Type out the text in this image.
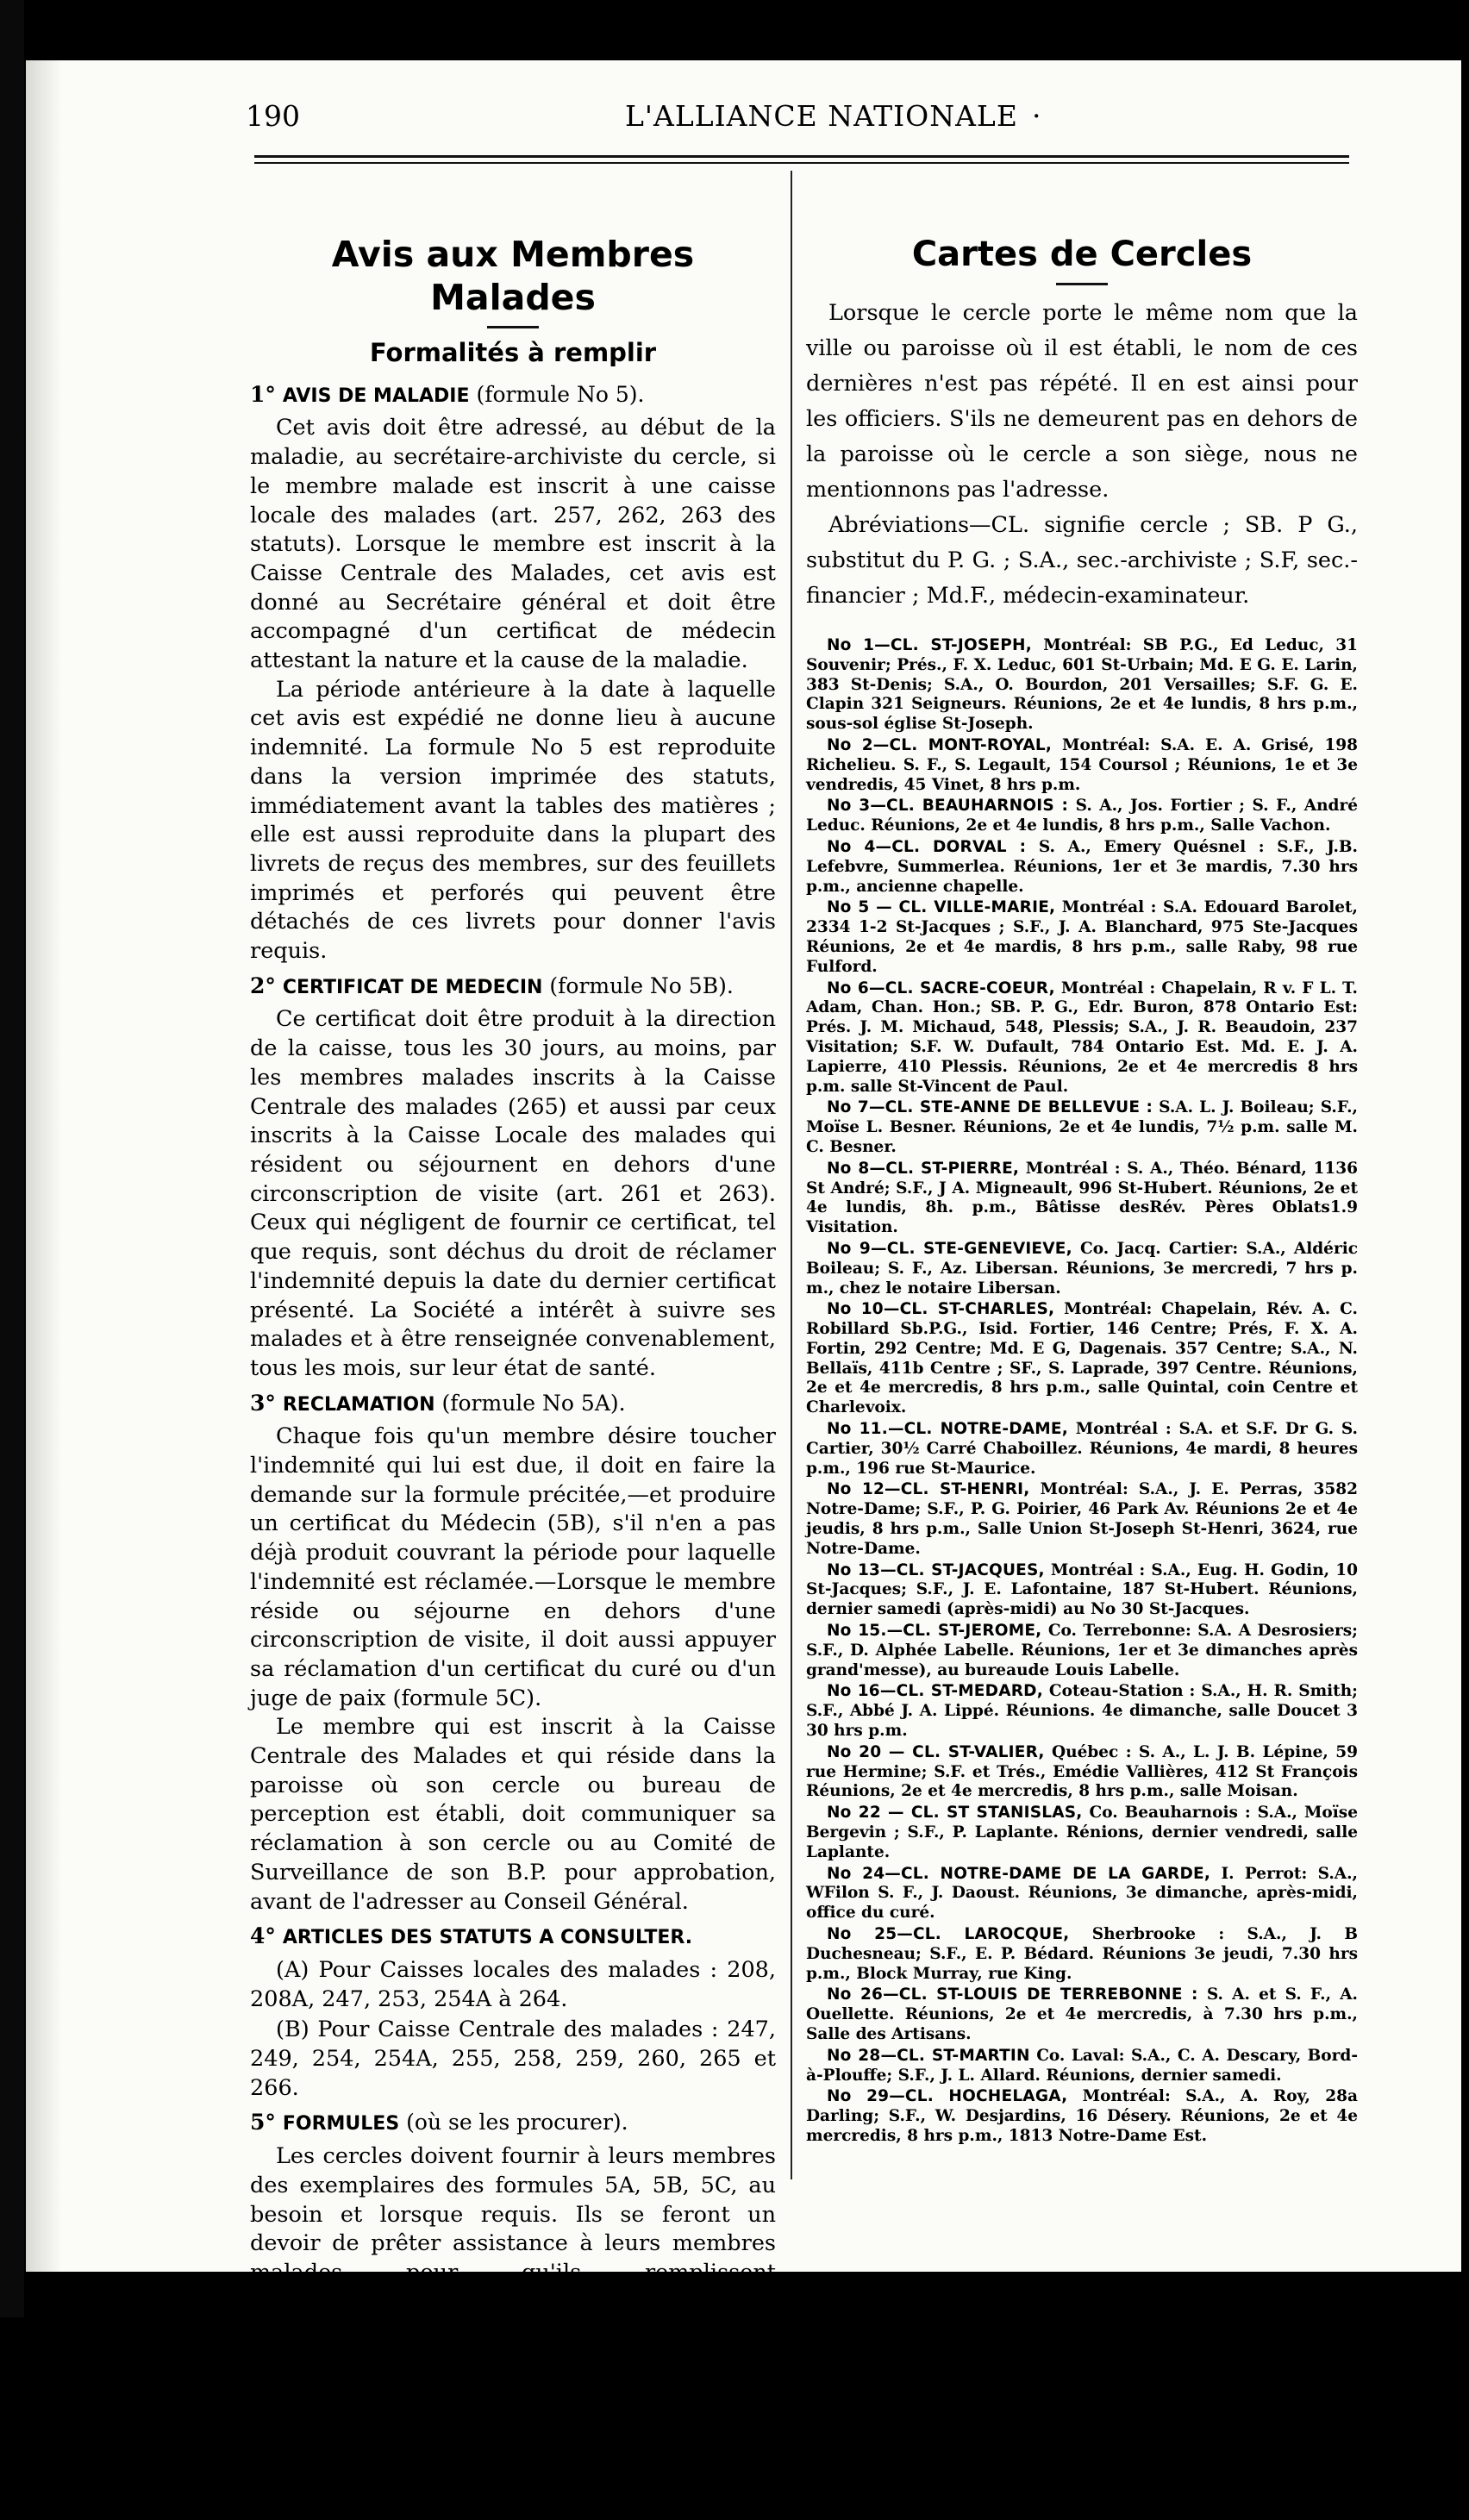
190	L'ALLIANCE NATIONALE ·
Avis aux Membres Malades
Formalités à remplir
1° AVIS DE MALADIE (formule No 5).

Cet avis doit être adressé, au début de la maladie, au secrétaire-archiviste du cercle, si le membre malade est inscrit à une caisse locale des malades (art. 257, 262, 263 des statuts). Lorsque le membre est inscrit à la Caisse Centrale des Malades, cet avis est donné au Secrétaire général et doit être accompagné d'un certificat de médecin attestant la nature et la cause de la maladie.

La période antérieure à la date à laquelle cet avis est expédié ne donne lieu à aucune indemnité. La formule No 5 est reproduite dans la version imprimée des statuts, immédiatement avant la tables des matières ; elle est aussi reproduite dans la plupart des livrets de reçus des membres, sur des feuillets imprimés et perforés qui peuvent être détachés de ces livrets pour donner l'avis requis.

2° CERTIFICAT DE MEDECIN (formule No 5B).

Ce certificat doit être produit à la direction de la caisse, tous les 30 jours, au moins, par les membres malades inscrits à la Caisse Centrale des malades (265) et aussi par ceux inscrits à la Caisse Locale des malades qui résident ou séjournent en dehors d'une circonscription de visite (art. 261 et 263). Ceux qui négligent de fournir ce certificat, tel que requis, sont déchus du droit de réclamer l'indemnité depuis la date du dernier certificat présenté. La Société a intérêt à suivre ses malades et à être renseignée convenablement, tous les mois, sur leur état de santé.

3° RECLAMATION (formule No 5A).

Chaque fois qu'un membre désire toucher l'indemnité qui lui est due, il doit en faire la demande sur la formule précitée,—et produire un certificat du Médecin (5B), s'il n'en a pas déjà produit couvrant la période pour laquelle l'indemnité est réclamée.—Lorsque le membre réside ou séjourne en dehors d'une circonscription de visite, il doit aussi appuyer sa réclamation d'un certificat du curé ou d'un juge de paix (formule 5C).

Le membre qui est inscrit à la Caisse Centrale des Malades et qui réside dans la paroisse où son cercle ou bureau de perception est établi, doit communiquer sa réclamation à son cercle ou au Comité de Surveillance de son B.P. pour approbation, avant de l'adresser au Conseil Général.

4° ARTICLES DES STATUTS A CONSULTER.

(A) Pour Caisses locales des malades : 208, 208A, 247, 253, 254A à 264.

(B) Pour Caisse Centrale des malades : 247, 249, 254, 254A, 255, 258, 259, 260, 265 et 266.

5° FORMULES (où se les procurer).

Les cercles doivent fournir à leurs membres des exemplaires des formules 5A, 5B, 5C, au besoin et lorsque requis. Ils se feront un devoir de prêter assistance à leurs membres malades pour qu'ils remplissent convenablement les formalités nécessaires.

Les membres des bureaux de perception doivent s'adresser au Secrétaire général. Toutefois, les percepteurs de ces bureaux doivent toujours avoir en mains des exemplaires de toutes les formules dont les membres de ces bureaux peuvent avoir besoin.

Cartes de Cercles

Lorsque le cercle porte le même nom que la ville ou paroisse où il est établi, le nom de ces dernières n'est pas répété. Il en est ainsi pour les officiers. S'ils ne demeurent pas en dehors de la paroisse où le cercle a son siège, nous ne mentionnons pas l'adresse.

Abréviations—CL. signifie cercle ; SB. P G., substitut du P. G. ; S.A., sec.-archiviste ; S.F, sec.-financier ; Md.F., médecin-examinateur.

No 1—CL. ST-JOSEPH, Montréal: SB P.G., Ed Leduc, 31 Souvenir; Prés., F. X. Leduc, 601 St-Urbain; Md. E G. E. Larin, 383 St-Denis; S.A., O. Bourdon, 201 Versailles; S.F. G. E. Clapin 321 Seigneurs. Réunions, 2e et 4e lundis, 8 hrs p.m., sous-sol église St-Joseph.

No 2—CL. MONT-ROYAL, Montréal: S.A. E. A. Grisé, 198 Richelieu. S. F., S. Legault, 154 Coursol ; Réunions, 1e et 3e vendredis, 45 Vinet, 8 hrs p.m.

No 3—CL. BEAUHARNOIS : S. A., Jos. Fortier ; S. F., André Leduc. Réunions, 2e et 4e lundis, 8 hrs p.m., Salle Vachon.

No 4—CL. DORVAL : S. A., Emery Quésnel : S.F., J.B. Lefebvre, Summerlea. Réunions, 1er et 3e mardis, 7.30 hrs p.m., ancienne chapelle.

No 5 — CL. VILLE-MARIE, Montréal : S.A. Edouard Barolet, 2334 1-2 St-Jacques ; S.F., J. A. Blanchard, 975 Ste-Jacques Réunions, 2e et 4e mardis, 8 hrs p.m., salle Raby, 98 rue Fulford.

No 6—CL. SACRE-COEUR, Montréal : Chapelain, R v. F L. T. Adam, Chan. Hon.; SB. P. G., Edr. Buron, 878 Ontario Est: Prés. J. M. Michaud, 548, Plessis; S.A., J. R. Beaudoin, 237 Visitation; S.F. W. Dufault, 784 Ontario Est. Md. E. J. A. Lapierre, 410 Plessis. Réunions, 2e et 4e mercredis 8 hrs p.m. salle St-Vincent de Paul.

No 7—CL. STE-ANNE DE BELLEVUE : S.A. L. J. Boileau; S.F., Moïse L. Besner. Réunions, 2e et 4e lundis, 7½ p.m. salle M. C. Besner.

No 8—CL. ST-PIERRE, Montréal : S. A., Théo. Bénard, 1136 St André; S.F., J A. Migneault, 996 St-Hubert. Réunions, 2e et 4e lundis, 8h. p.m., Bâtisse desRév. Pères Oblats1.9 Visitation.

No 9—CL. STE-GENEVIEVE, Co. Jacq. Cartier: S.A., Aldéric Boileau; S. F., Az. Libersan. Réunions, 3e mercredi, 7 hrs p. m., chez le notaire Libersan.

No 10—CL. ST-CHARLES, Montréal: Chapelain, Rév. A. C. Robillard Sb.P.G., Isid. Fortier, 146 Centre; Prés, F. X. A. Fortin, 292 Centre; Md. E G, Dagenais. 357 Centre; S.A., N. Bellaïs, 411b Centre ; SF., S. Laprade, 397 Centre. Réunions, 2e et 4e mercredis, 8 hrs p.m., salle Quintal, coin Centre et Charlevoix.

No 11.—CL. NOTRE-DAME, Montréal : S.A. et S.F. Dr G. S. Cartier, 30½ Carré Chaboillez. Réunions, 4e mardi, 8 heures p.m., 196 rue St-Maurice.

No 12—CL. ST-HENRI, Montréal: S.A., J. E. Perras, 3582 Notre-Dame; S.F., P. G. Poirier, 46 Park Av. Réunions 2e et 4e jeudis, 8 hrs p.m., Salle Union St-Joseph St-Henri, 3624, rue Notre-Dame.

No 13—CL. ST-JACQUES, Montréal : S.A., Eug. H. Godin, 10 St-Jacques; S.F., J. E. Lafontaine, 187 St-Hubert. Réunions, dernier samedi (après-midi) au No 30 St-Jacques.

No 15.—CL. ST-JEROME, Co. Terrebonne: S.A. A Desrosiers; S.F., D. Alphée Labelle. Réunions, 1er et 3e dimanches après grand'messe), au bureaude Louis Labelle.

No 16—CL. ST-MEDARD, Coteau-Station : S.A., H. R. Smith; S.F., Abbé J. A. Lippé. Réunions. 4e dimanche, salle Doucet 3 30 hrs p.m.

No 20 — CL. ST-VALIER, Québec : S. A., L. J. B. Lépine, 59 rue Hermine; S.F. et Trés., Emédie Vallières, 412 St François Réunions, 2e et 4e mercredis, 8 hrs p.m., salle Moisan.

No 22 — CL. ST STANISLAS, Co. Beauharnois : S.A., Moïse Bergevin ; S.F., P. Laplante. Rénions, dernier vendredi, salle Laplante.

No 24—CL. NOTRE-DAME DE LA GARDE, I. Perrot: S.A., WFilon S. F., J. Daoust. Réunions, 3e dimanche, après-midi, office du curé.

No 25—CL. LAROCQUE, Sherbrooke : S.A., J. B Duchesneau; S.F., E. P. Bédard. Réunions 3e jeudi, 7.30 hrs p.m., Block Murray, rue King.

No 26—CL. ST-LOUIS DE TERREBONNE : S. A. et S. F., A. Ouellette. Réunions, 2e et 4e mercredis, à 7.30 hrs p.m., Salle des Artisans.

No 28—CL. ST-MARTIN Co. Laval: S.A., C. A. Descary, Bord-à-Plouffe; S.F., J. L. Allard. Réunions, dernier samedi.

No 29—CL. HOCHELAGA, Montréal: S.A., A. Roy, 28a Darling; S.F., W. Desjardins, 16 Désery. Réunions, 2e et 4e mercredis, 8 hrs p.m., 1813 Notre-Dame Est.
